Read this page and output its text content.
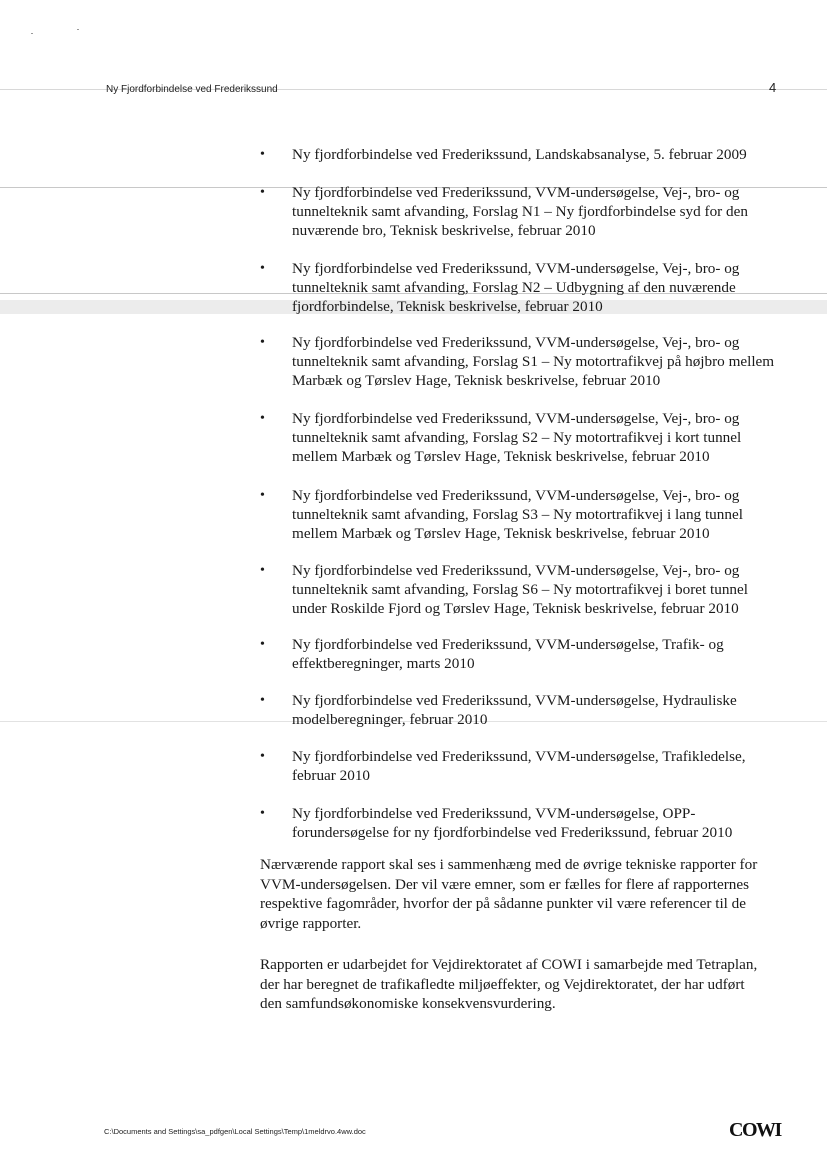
Ny Fjordforbindelse ved Frederikssund	4
• Ny fjordforbindelse ved Frederikssund, Landskabsanalyse, 5. februar 2009
• Ny fjordforbindelse ved Frederikssund, VVM-undersøgelse, Vej-, bro- og tunnelteknik samt afvanding, Forslag N1 – Ny fjordforbindelse syd for den nuværende bro, Teknisk beskrivelse, februar 2010
• Ny fjordforbindelse ved Frederikssund, VVM-undersøgelse, Vej-, bro- og tunnelteknik samt afvanding, Forslag N2 – Udbygning af den nuværende fjordforbindelse, Teknisk beskrivelse, februar 2010
• Ny fjordforbindelse ved Frederikssund, VVM-undersøgelse, Vej-, bro- og tunnelteknik samt afvanding, Forslag S1 – Ny motortrafikvej på højbro mellem Marbæk og Tørslev Hage, Teknisk beskrivelse, februar 2010
• Ny fjordforbindelse ved Frederikssund, VVM-undersøgelse, Vej-, bro- og tunnelteknik samt afvanding, Forslag S2 – Ny motortrafikvej i kort tunnel mellem Marbæk og Tørslev Hage, Teknisk beskrivelse, februar 2010
• Ny fjordforbindelse ved Frederikssund, VVM-undersøgelse, Vej-, bro- og tunnelteknik samt afvanding, Forslag S3 – Ny motortrafikvej i lang tunnel mellem Marbæk og Tørslev Hage, Teknisk beskrivelse, februar 2010
• Ny fjordforbindelse ved Frederikssund, VVM-undersøgelse, Vej-, bro- og tunnelteknik samt afvanding, Forslag S6 – Ny motortrafikvej i boret tunnel under Roskilde Fjord og Tørslev Hage, Teknisk beskrivelse, februar 2010
• Ny fjordforbindelse ved Frederikssund, VVM-undersøgelse, Trafik- og effektberegninger, marts 2010
• Ny fjordforbindelse ved Frederikssund, VVM-undersøgelse, Hydrauliske modelberegninger, februar 2010
• Ny fjordforbindelse ved Frederikssund, VVM-undersøgelse, Trafikledelse, februar 2010
• Ny fjordforbindelse ved Frederikssund, VVM-undersøgelse, OPP-forundersøgelse for ny fjordforbindelse ved Frederikssund, februar 2010
Nærværende rapport skal ses i sammenhæng med de øvrige tekniske rapporter for VVM-undersøgelsen. Der vil være emner, som er fælles for flere af rapporternes respektive fagområder, hvorfor der på sådanne punkter vil være referencer til de øvrige rapporter.
Rapporten er udarbejdet for Vejdirektoratet af COWI i samarbejde med Tetraplan, der har beregnet de trafikafledte miljøeffekter, og Vejdirektoratet, der har udført den samfundsøkonomiske konsekvensvurdering.
C:\Documents and Settings\sa_pdfgen\Local Settings\Temp\1meldrvo.4ww.doc	COWI
